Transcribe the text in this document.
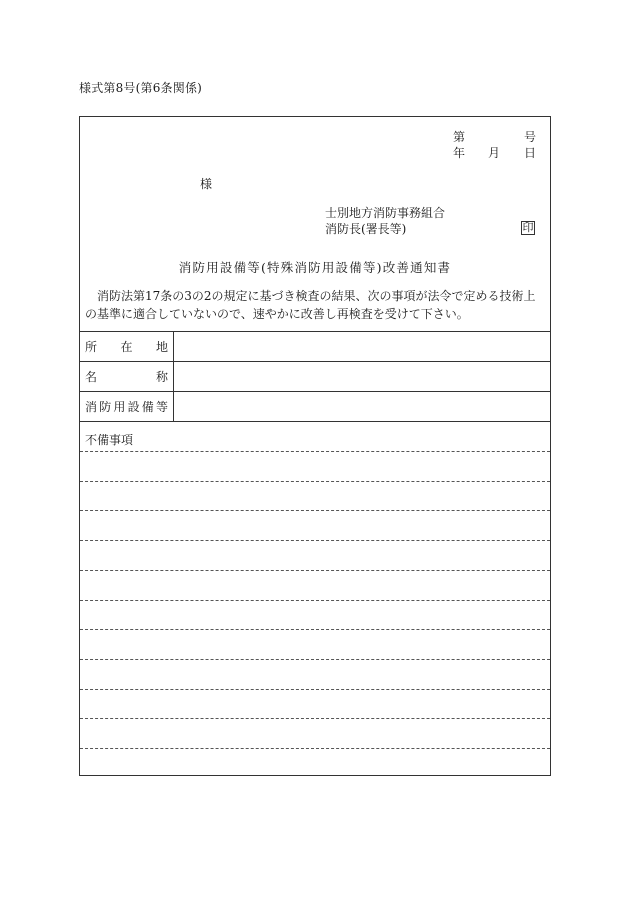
様式第8号(第6条関係)
第	号
年 月 日
様
士別地方消防事務組合
消防長(署長等)	印
消防用設備等(特殊消防用設備等)改善通知書
消防法第17条の3の2の規定に基づき検査の結果、次の事項が法令で定める技術上の基準に適合していないので、速やかに改善し再検査を受けて下さい。
所 在 地
名	称
消 防 用 設 備 等
不備事項
